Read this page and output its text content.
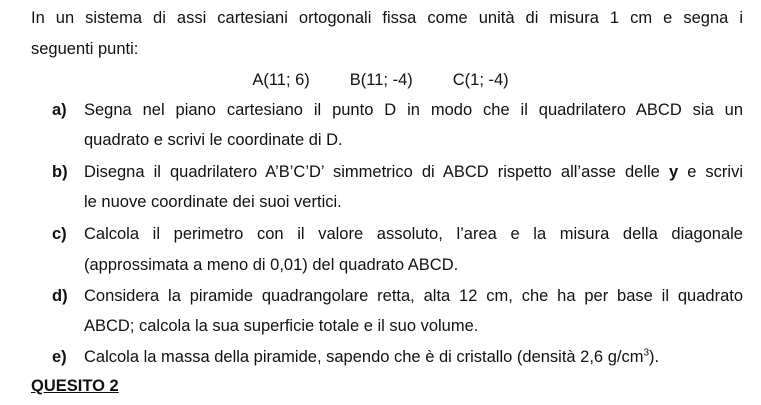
In un sistema di assi cartesiani ortogonali fissa come unità di misura 1 cm e segna i
seguenti punti:
A(11; 6) B(11; -4) C(1; -4)
a) Segna nel piano cartesiano il punto D in modo che il quadrilatero ABCD sia un
quadrato e scrivi le coordinate di D.
b) Disegna il quadrilatero A’B’C’D’ simmetrico di ABCD rispetto all’asse delle y e scrivi
le nuove coordinate dei suoi vertici.
c) Calcola il perimetro con il valore assoluto, l’area e la misura della diagonale
(approssimata a meno di 0,01) del quadrato ABCD.
d) Considera la piramide quadrangolare retta, alta 12 cm, che ha per base il quadrato
ABCD; calcola la sua superficie totale e il suo volume.
e) Calcola la massa della piramide, sapendo che è di cristallo (densità 2,6 $g/cm^3$).
QUESITO 2
